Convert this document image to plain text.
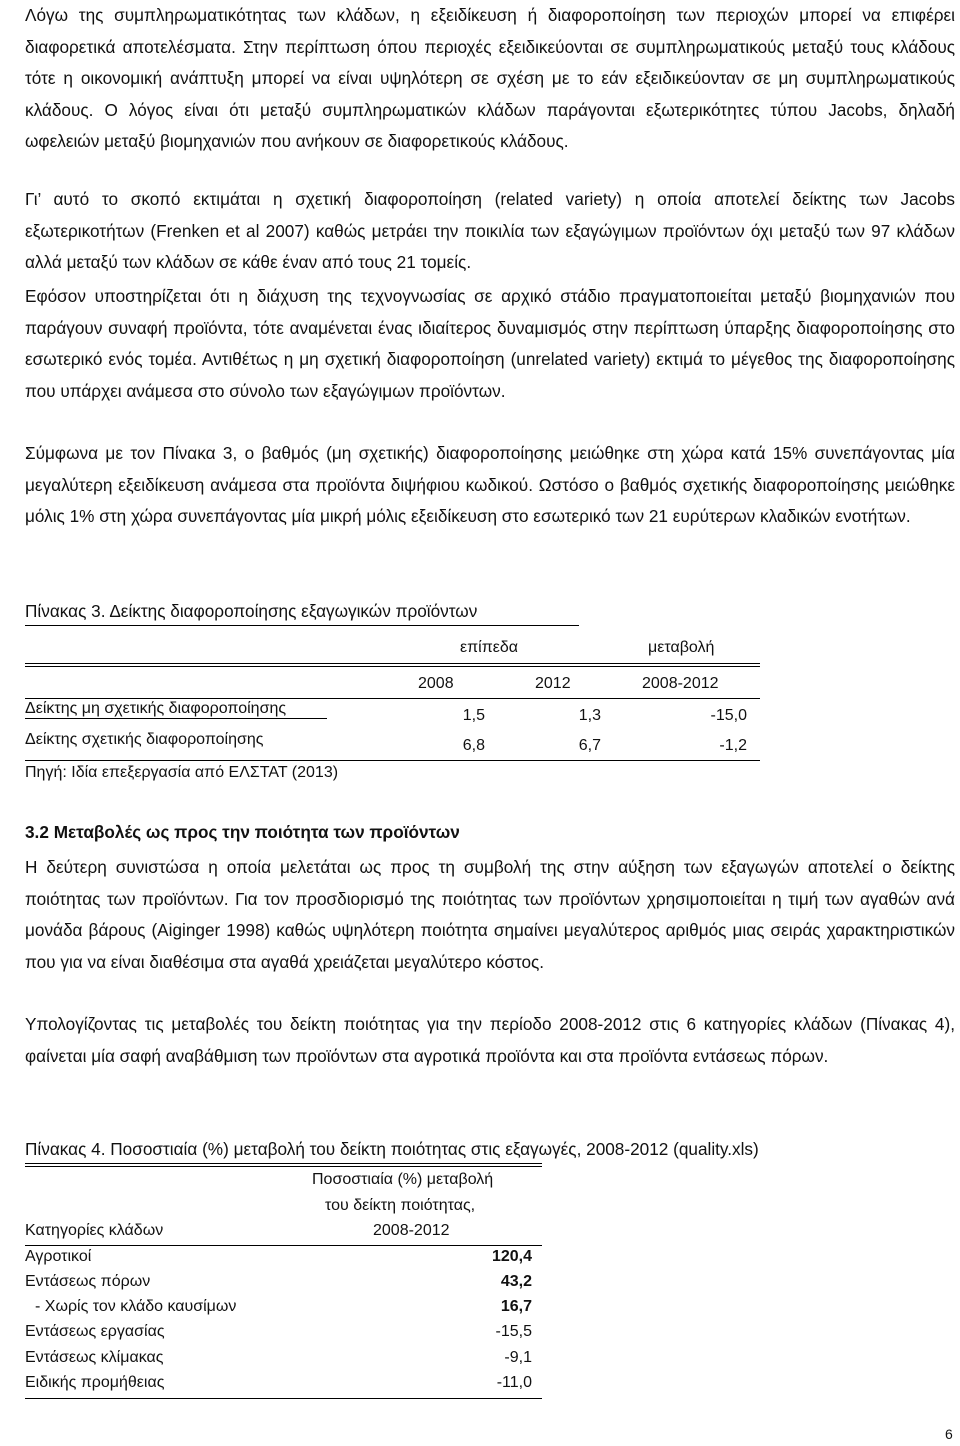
Λόγω της συμπληρωματικότητας των κλάδων, η εξειδίκευση ή διαφοροποίηση των περιοχών μπορεί να επιφέρει διαφορετικά αποτελέσματα. Στην περίπτωση όπου περιοχές εξειδικεύονται σε συμπληρωματικούς μεταξύ τους κλάδους τότε η οικονομική ανάπτυξη μπορεί να είναι υψηλότερη σε σχέση με το εάν εξειδικεύονταν σε μη συμπληρωματικούς κλάδους. Ο λόγος είναι ότι μεταξύ συμπληρωματικών κλάδων παράγονται εξωτερικότητες τύπου Jacobs, δηλαδή ωφελειών μεταξύ βιομηχανιών που ανήκουν σε διαφορετικούς κλάδους.

Γι’ αυτό το σκοπό εκτιμάται η σχετική διαφοροποίηση (related variety) η οποία αποτελεί δείκτης των Jacobs εξωτερικοτήτων (Frenken et al 2007) καθώς μετράει την ποικιλία των εξαγώγιμων προϊόντων όχι μεταξύ των 97 κλάδων αλλά μεταξύ των κλάδων σε κάθε έναν από τους 21 τομείς.

Εφόσον υποστηρίζεται ότι η διάχυση της τεχνογνωσίας σε αρχικό στάδιο πραγματοποιείται μεταξύ βιομηχανιών που παράγουν συναφή προϊόντα, τότε αναμένεται ένας ιδιαίτερος δυναμισμός στην περίπτωση ύπαρξης διαφοροποίησης στο εσωτερικό ενός τομέα. Αντιθέτως η μη σχετική διαφοροποίηση (unrelated variety) εκτιμά το μέγεθος της διαφοροποίησης που υπάρχει ανάμεσα στο σύνολο των εξαγώγιμων προϊόντων.

Σύμφωνα με τον Πίνακα 3, ο βαθμός (μη σχετικής) διαφοροποίησης μειώθηκε στη χώρα κατά 15% συνεπάγοντας μία μεγαλύτερη εξειδίκευση ανάμεσα στα προϊόντα διψήφιου κωδικού. Ωστόσο ο βαθμός σχετικής διαφοροποίησης μειώθηκε μόλις 1% στη χώρα συνεπάγοντας μία μικρή μόλις εξειδίκευση στο εσωτερικό των 21 ευρύτερων κλαδικών ενοτήτων.

Πίνακας 3. Δείκτης διαφοροποίησης εξαγωγικών προϊόντων
επίπεδα	μεταβολή
2008	2012	2008-2012
Δείκτης μη σχετικής διαφοροποίησης	1,5	1,3	-15,0
Δείκτης σχετικής διαφοροποίησης	6,8	6,7	-1,2
Πηγή: Ιδία επεξεργασία από ΕΛΣΤΑΤ (2013)
3.2 Μεταβολές ως προς την ποιότητα των προϊόντων

Η δεύτερη συνιστώσα η οποία μελετάται ως προς τη συμβολή της στην αύξηση των εξαγωγών αποτελεί ο δείκτης ποιότητας των προϊόντων. Για τον προσδιορισμό της ποιότητας των προϊόντων χρησιμοποιείται η τιμή των αγαθών ανά μονάδα βάρους (Aiginger 1998) καθώς υψηλότερη ποιότητα σημαίνει μεγαλύτερος αριθμός μιας σειράς χαρακτηριστικών που για να είναι διαθέσιμα στα αγαθά χρειάζεται μεγαλύτερο κόστος.

Υπολογίζοντας τις μεταβολές του δείκτη ποιότητας για την περίοδο 2008-2012 στις 6 κατηγορίες κλάδων (Πίνακας 4), φαίνεται μία σαφή αναβάθμιση των προϊόντων στα αγροτικά προϊόντα και στα προϊόντα εντάσεως πόρων.

Πίνακας 4. Ποσοστιαία (%) μεταβολή του δείκτη ποιότητας στις εξαγωγές, 2008-2012 (quality.xls)
Ποσοστιαία (%) μεταβολή
του δείκτη ποιότητας,
Κατηγορίες κλάδων	2008-2012
Αγροτικοί	120,4
Εντάσεως πόρων	43,2
- Χωρίς τον κλάδο καυσίμων	16,7
Εντάσεως εργασίας	-15,5
Εντάσεως κλίμακας	-9,1
Ειδικής προμήθειας	-11,0
6
